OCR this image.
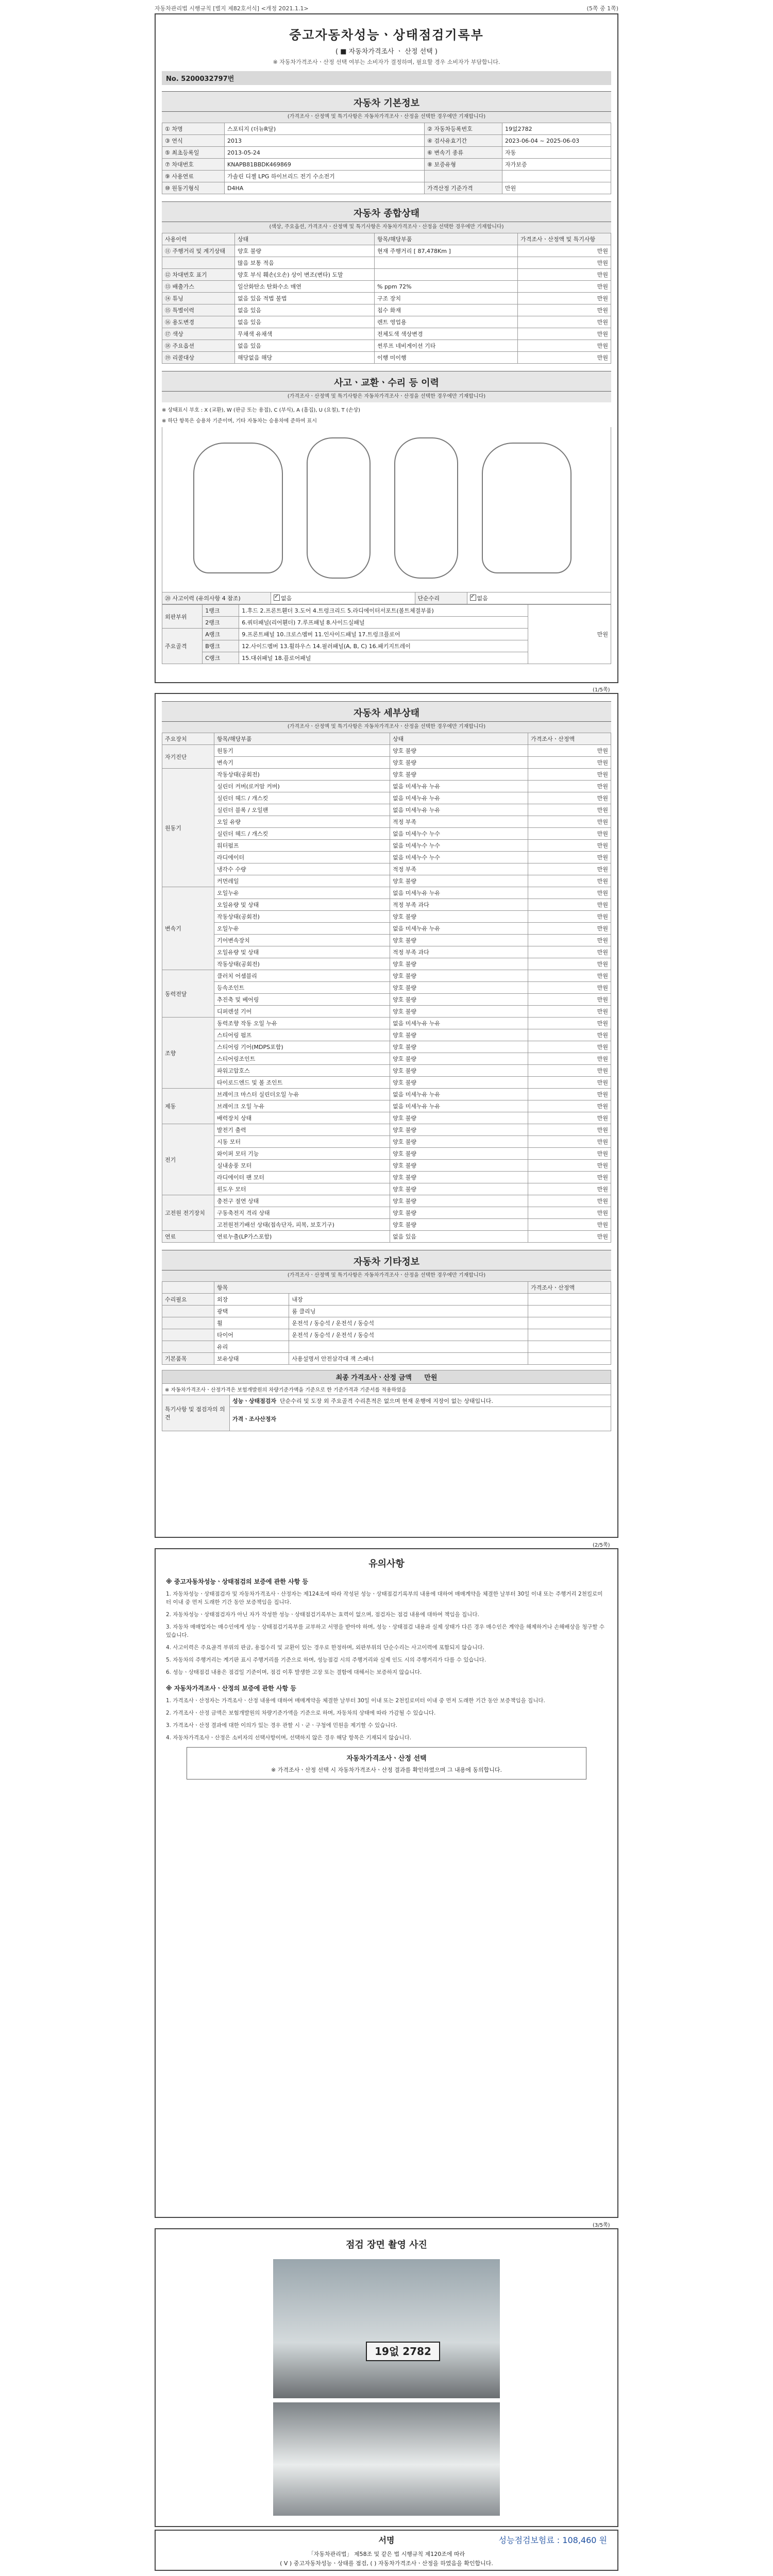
자동차관리법 시행규칙 [별지 제82호서식] <개정 2021.1.1>	(5쪽 중 1쪽)
중고자동차성능ㆍ상태점검기록부
( ■ 자동차가격조사 ㆍ 산정 선택 )
※ 자동차가격조사ㆍ산정 선택 여부는 소비자가 결정하며, 필요할 경우 소비자가 부담합니다.
No. 5200032797번
자동차 기본정보
(가격조사ㆍ산정액 및 특기사항은 자동차가격조사ㆍ산정을 선택한 경우에만 기재합니다)
① 차명	스포티지 (더뉴R달)	② 자동차등록번호	19없2782
③ 연식	2013	④ 검사유효기간	2023-06-04 ~ 2025-06-03
⑤ 최초등록일	2013-05-24	⑥ 변속기 종류	자동
⑦ 차대번호	KNAPB81BBDK469869	⑧ 보증유형	자가보증
⑨ 사용연료	가솔린 디젤 LPG 하이브리드 전기 수소전기		
⑩ 원동기형식	D4HA	가격산정 기준가격	만원
자동차 종합상태
(색상, 주요옵션, 가격조사ㆍ산정액 및 특기사항은 자동차가격조사ㆍ산정을 선택한 경우에만 기재합니다)
사용이력	상태	항목/해당부품	가격조사ㆍ산정액 및 특기사항
⑪ 주행거리 및 계기상태	양호 불량	현재 주행거리 [ 87,478Km ]	만원
	많음 보통 적음		만원
⑫ 차대번호 표기	양호 부식 훼손(오손) 상이 변조(변타) 도말		만원
⑬ 배출가스	일산화탄소 탄화수소 매연	% ppm 72%	만원
⑭ 튜닝	없음 있음 적법 불법	구조 장치	만원
⑮ 특별이력	없음 있음	침수 화재	만원
⑯ 용도변경	없음 있음	렌트 영업용	만원
⑰ 색상	무채색 유채색	전체도색 색상변경	만원
⑱ 주요옵션	없음 있음	썬루프 네비게이션 기타	만원
⑲ 리콜대상	해당없음 해당	이행 미이행	만원
사고ㆍ교환ㆍ수리 등 이력
(가격조사ㆍ산정액 및 특기사항은 자동차가격조사ㆍ산정을 선택한 경우에만 기재합니다)
※ 상태표시 부호 : X (교환), W (판금 또는 용접), C (부식), A (흠집), U (요철), T (손상)
※ 하단 항목은 승용차 기준이며, 기타 자동차는 승용차에 준하여 표시
⑳ 사고이력 (유의사항 4 참조)	✓없음	단순수리	✓없음
외판부위	1랭크	1.후드 2.프론트휀더 3.도어 4.트렁크리드 5.라디에이터서포트(볼트체결부품)	만원
	2랭크	6.쿼터패널(리어휀더) 7.루프패널 8.사이드실패널	
주요골격	A랭크	9.프론트패널 10.크로스멤버 11.인사이드패널 17.트렁크플로어	
	B랭크	12.사이드멤버 13.휠하우스 14.필러패널(A, B, C) 16.패키지트레이	
	C랭크	15.대쉬패널 18.플로어패널	
(1/5쪽)
자동차 세부상태
(가격조사ㆍ산정액 및 특기사항은 자동차가격조사ㆍ산정을 선택한 경우에만 기재합니다)
주요장치	항목/해당부품	상태	가격조사ㆍ산정액
자기진단	원동기	양호 불량	만원
	변속기	양호 불량	만원
원동기	작동상태(공회전)	양호 불량	만원
	실린더 커버(로커암 커버)	없음 미세누유 누유	만원
	실린더 헤드 / 개스킷	없음 미세누유 누유	만원
	실린더 블록 / 오일팬	없음 미세누유 누유	만원
	오일 유량	적정 부족	만원
	실린더 헤드 / 개스킷	없음 미세누수 누수	만원
	워터펌프	없음 미세누수 누수	만원
	라디에이터	없음 미세누수 누수	만원
	냉각수 수량	적정 부족	만원
	커먼레일	양호 불량	만원
변속기	오일누유	없음 미세누유 누유	만원
	오일유량 및 상태	적정 부족 과다	만원
	작동상태(공회전)	양호 불량	만원
	오일누유	없음 미세누유 누유	만원
	기어변속장치	양호 불량	만원
	오일유량 및 상태	적정 부족 과다	만원
	작동상태(공회전)	양호 불량	만원
동력전달	클러치 어셈블리	양호 불량	만원
	등속조인트	양호 불량	만원
	추진축 및 베어링	양호 불량	만원
	디퍼렌셜 기어	양호 불량	만원
조향	동력조향 작동 오일 누유	없음 미세누유 누유	만원
	스티어링 펌프	양호 불량	만원
	스티어링 기어(MDPS포함)	양호 불량	만원
	스티어링조인트	양호 불량	만원
	파워고압호스	양호 불량	만원
	타이로드엔드 및 볼 조인트	양호 불량	만원
제동	브레이크 마스터 실린더오일 누유	없음 미세누유 누유	만원
	브레이크 오일 누유	없음 미세누유 누유	만원
	배력장치 상태	양호 불량	만원
전기	발전기 출력	양호 불량	만원
	시동 모터	양호 불량	만원
	와이퍼 모터 기능	양호 불량	만원
	실내송풍 모터	양호 불량	만원
	라디에이터 팬 모터	양호 불량	만원
	윈도우 모터	양호 불량	만원
고전원 전기장치	충전구 절연 상태	양호 불량	만원
	구동축전지 격리 상태	양호 불량	만원
	고전원전기배선 상태(접속단자, 피복, 보호기구)	양호 불량	만원
연료	연료누출(LP가스포함)	없음 있음	만원
자동차 기타정보
(가격조사ㆍ산정액 및 특기사항은 자동차가격조사ㆍ산정을 선택한 경우에만 기재합니다)
	항목		가격조사ㆍ산정액
수리필요	외장	내장	
	광택	룸 클리닝	
	휠	운전석 / 동승석 / 운전석 / 동승석	
	타이어	운전석 / 동승석 / 운전석 / 동승석	
	유리		
기본품목	보유상태	사용설명서 안전삼각대 잭 스패너	
최종 가격조사ㆍ산정 금액 만원
※ 자동차가격조사ㆍ산정가격은 보험개발원의 차량기준가액을 기준으로 한 기준가격과 기준서를 적용하였음
특기사항 및 점검자의 의견	성능ㆍ상태점검자 단순수리 및 도장 외 주요골격 수리흔적은 없으며 현재 운행에 지장이 없는 상태입니다.
가격ㆍ조사산정자
(2/5쪽)
유의사항
※ 중고자동차성능ㆍ상태점검의 보증에 관한 사항 등
1. 자동차성능ㆍ상태점검자 및 자동차가격조사ㆍ산정자는 제124조에 따라 작성된 성능ㆍ상태점검기록부의 내용에 대하여 매매계약을 체결한 날부터 30일 이내 또는 주행거리 2천킬로미터 이내 중 먼저 도래한 기간 동안 보증책임을 집니다.
2. 자동차성능ㆍ상태점검자가 아닌 자가 작성한 성능ㆍ상태점검기록부는 효력이 없으며, 점검자는 점검 내용에 대하여 책임을 집니다.
3. 자동차 매매업자는 매수인에게 성능ㆍ상태점검기록부를 교부하고 서명을 받아야 하며, 성능ㆍ상태점검 내용과 실제 상태가 다른 경우 매수인은 계약을 해제하거나 손해배상을 청구할 수 있습니다.
4. 사고이력은 주요골격 부위의 판금, 용접수리 및 교환이 있는 경우로 한정하며, 외판부위의 단순수리는 사고이력에 포함되지 않습니다.
5. 자동차의 주행거리는 계기판 표시 주행거리를 기준으로 하며, 성능점검 시의 주행거리와 실제 인도 시의 주행거리가 다를 수 있습니다.
6. 성능ㆍ상태점검 내용은 점검일 기준이며, 점검 이후 발생한 고장 또는 결함에 대해서는 보증하지 않습니다.
※ 자동차가격조사ㆍ산정의 보증에 관한 사항 등
1. 가격조사ㆍ산정자는 가격조사ㆍ산정 내용에 대하여 매매계약을 체결한 날부터 30일 이내 또는 2천킬로미터 이내 중 먼저 도래한 기간 동안 보증책임을 집니다.
2. 가격조사ㆍ산정 금액은 보험개발원의 차량기준가액을 기준으로 하며, 자동차의 상태에 따라 가감될 수 있습니다.
3. 가격조사ㆍ산정 결과에 대한 이의가 있는 경우 관할 시ㆍ군ㆍ구청에 민원을 제기할 수 있습니다.
4. 자동차가격조사ㆍ산정은 소비자의 선택사항이며, 선택하지 않은 경우 해당 항목은 기재되지 않습니다.
자동차가격조사ㆍ산정 선택
※ 가격조사ㆍ산정 선택 시 자동차가격조사ㆍ산정 결과를 확인하였으며 그 내용에 동의합니다.
(3/5쪽)
점검 장면 촬영 사진
19없 2782
서명	성능점검보험료 : 108,460 원
「자동차관리법」 제58조 및 같은 법 시행규칙 제120조에 따라
( V ) 중고자동차성능ㆍ상태를 점검, ( ) 자동차가격조사ㆍ산정을 하였음을 확인합니다.
